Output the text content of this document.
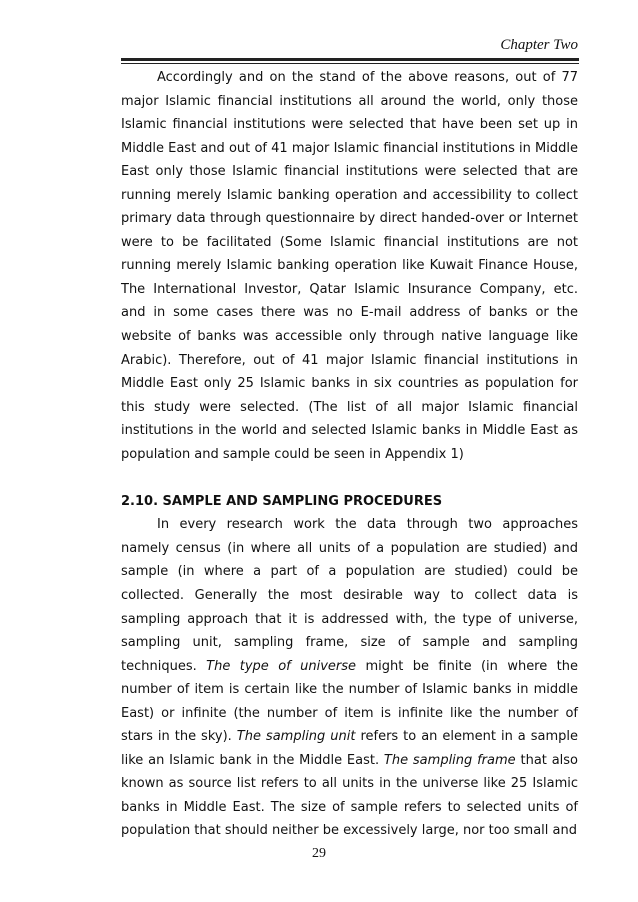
Chapter Two

Accordingly and on the stand of the above reasons, out of 77 major Islamic financial institutions all around the world, only those Islamic financial institutions were selected that have been set up in Middle East and out of 41 major Islamic financial institutions in Middle East only those Islamic financial institutions were selected that are running merely Islamic banking operation and accessibility to collect primary data through questionnaire by direct handed-over or Internet were to be facilitated (Some Islamic financial institutions are not running merely Islamic banking operation like Kuwait Finance House, The International Investor, Qatar Islamic Insurance Company, etc. and in some cases there was no E-mail address of banks or the website of banks was accessible only through native language like Arabic). Therefore, out of 41 major Islamic financial institutions in Middle East only 25 Islamic banks in six countries as population for this study were selected. (The list of all major Islamic financial institutions in the world and selected Islamic banks in Middle East as population and sample could be seen in Appendix 1)

2.10. SAMPLE AND SAMPLING PROCEDURES

In every research work the data through two approaches namely census (in where all units of a population are studied) and sample (in where a part of a population are studied) could be collected. Generally the most desirable way to collect data is sampling approach that it is addressed with, the type of universe, sampling unit, sampling frame, size of sample and sampling techniques. The type of universe might be finite (in where the number of item is certain like the number of Islamic banks in middle East) or infinite (the number of item is infinite like the number of stars in the sky). The sampling unit refers to an element in a sample like an Islamic bank in the Middle East. The sampling frame that also known as source list refers to all units in the universe like 25 Islamic banks in Middle East. The size of sample refers to selected units of population that should neither be excessively large, nor too small and

29
